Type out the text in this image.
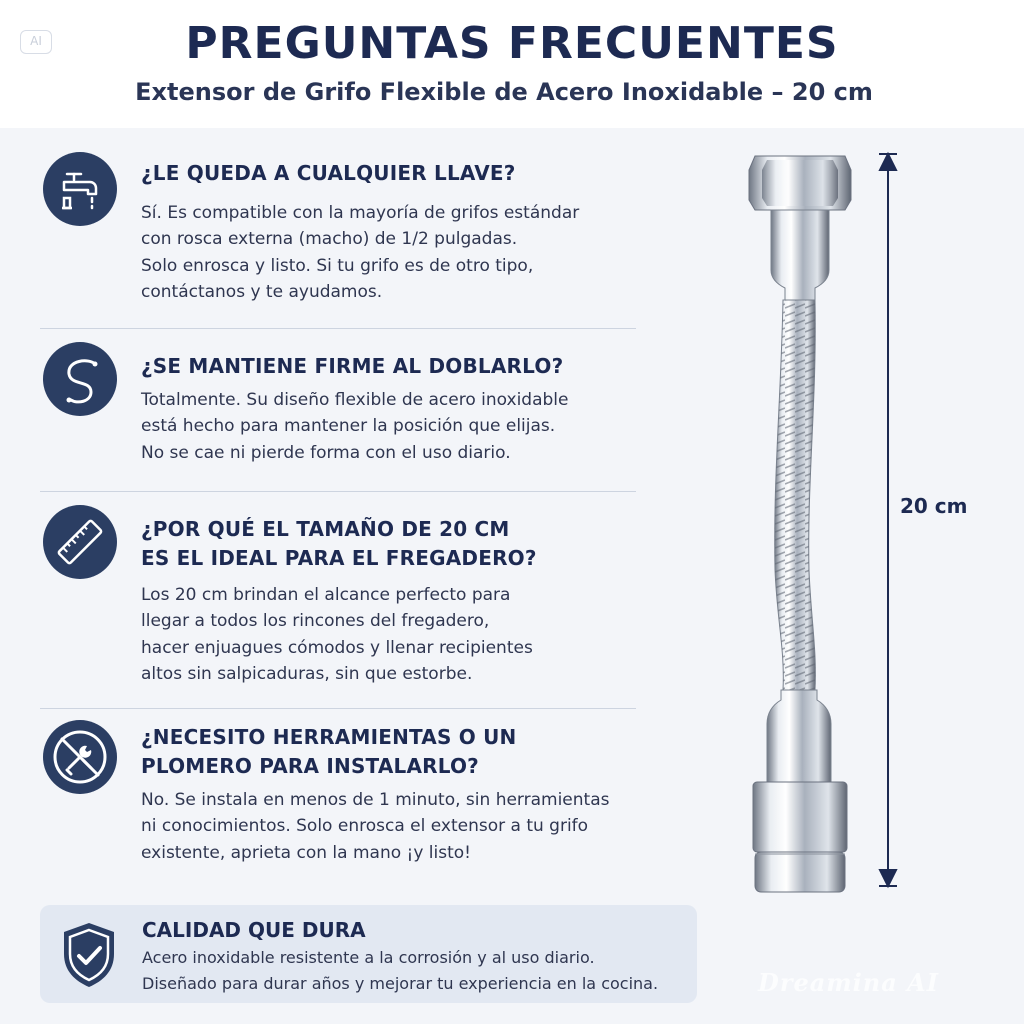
AI	PREGUNTAS FRECUENTES
Extensor de Grifo Flexible de Acero Inoxidable – 20 cm
¿LE QUEDA A CUALQUIER LLAVE?
Sí. Es compatible con la mayoría de grifos estándar
con rosca externa (macho) de 1/2 pulgadas.
Solo enrosca y listo. Si tu grifo es de otro tipo,
contáctanos y te ayudamos.
¿SE MANTIENE FIRME AL DOBLARLO?
Totalmente. Su diseño flexible de acero inoxidable
está hecho para mantener la posición que elijas.
No se cae ni pierde forma con el uso diario.
¿POR QUÉ EL TAMAÑO DE 20 CM
ES EL IDEAL PARA EL FREGADERO?
Los 20 cm brindan el alcance perfecto para
llegar a todos los rincones del fregadero,
hacer enjuagues cómodos y llenar recipientes
altos sin salpicaduras, sin que estorbe.
¿NECESITO HERRAMIENTAS O UN
PLOMERO PARA INSTALARLO?
No. Se instala en menos de 1 minuto, sin herramientas
ni conocimientos. Solo enrosca el extensor a tu grifo
existente, aprieta con la mano ¡y listo!
CALIDAD QUE DURA
Acero inoxidable resistente a la corrosión y al uso diario.
Diseñado para durar años y mejorar tu experiencia en la cocina.
20 cm
Dreamina AI
